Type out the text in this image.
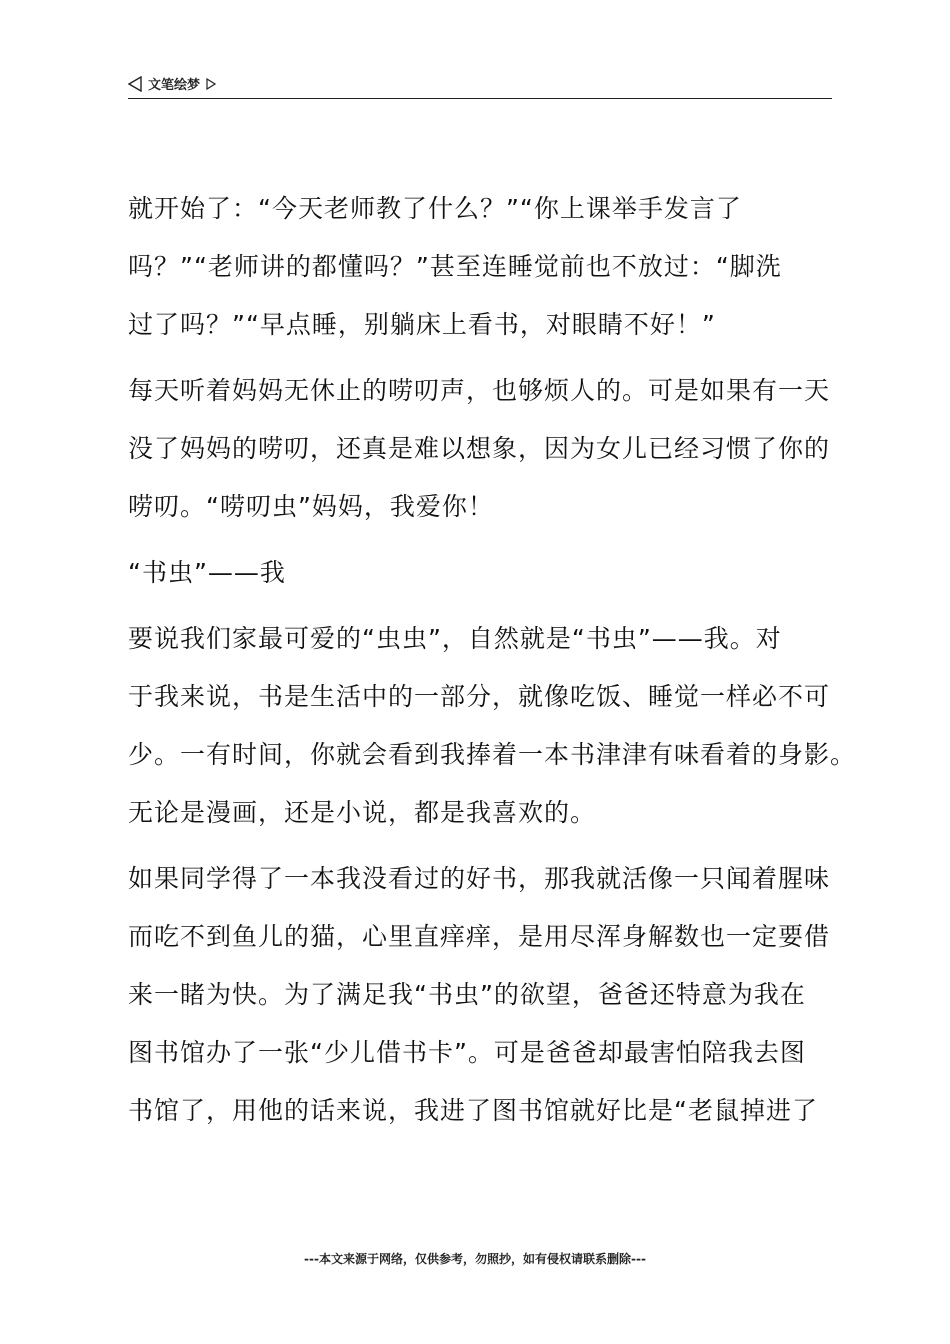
文笔绘梦

就开始了：“今天老师教了什么？”“你上课举手发言了
吗？”“老师讲的都懂吗？”甚至连睡觉前也不放过：“脚洗
过了吗？”“早点睡，别躺床上看书，对眼睛不好！”

每天听着妈妈无休止的唠叨声，也够烦人的。可是如果有一天
没了妈妈的唠叨，还真是难以想象，因为女儿已经习惯了你的
唠叨。“唠叨虫”妈妈，我爱你！

“书虫”——我

要说我们家最可爱的“虫虫”，自然就是“书虫”——我。对
于我来说，书是生活中的一部分，就像吃饭、睡觉一样必不可
少。一有时间，你就会看到我捧着一本书津津有味看着的身影。
无论是漫画，还是小说，都是我喜欢的。

如果同学得了一本我没看过的好书，那我就活像一只闻着腥味
而吃不到鱼儿的猫，心里直痒痒，是用尽浑身解数也一定要借
来一睹为快。为了满足我“书虫”的欲望，爸爸还特意为我在
图书馆办了一张“少儿借书卡”。可是爸爸却最害怕陪我去图
书馆了，用他的话来说，我进了图书馆就好比是“老鼠掉进了

---本文来源于网络，仅供参考，勿照抄，如有侵权请联系删除---
